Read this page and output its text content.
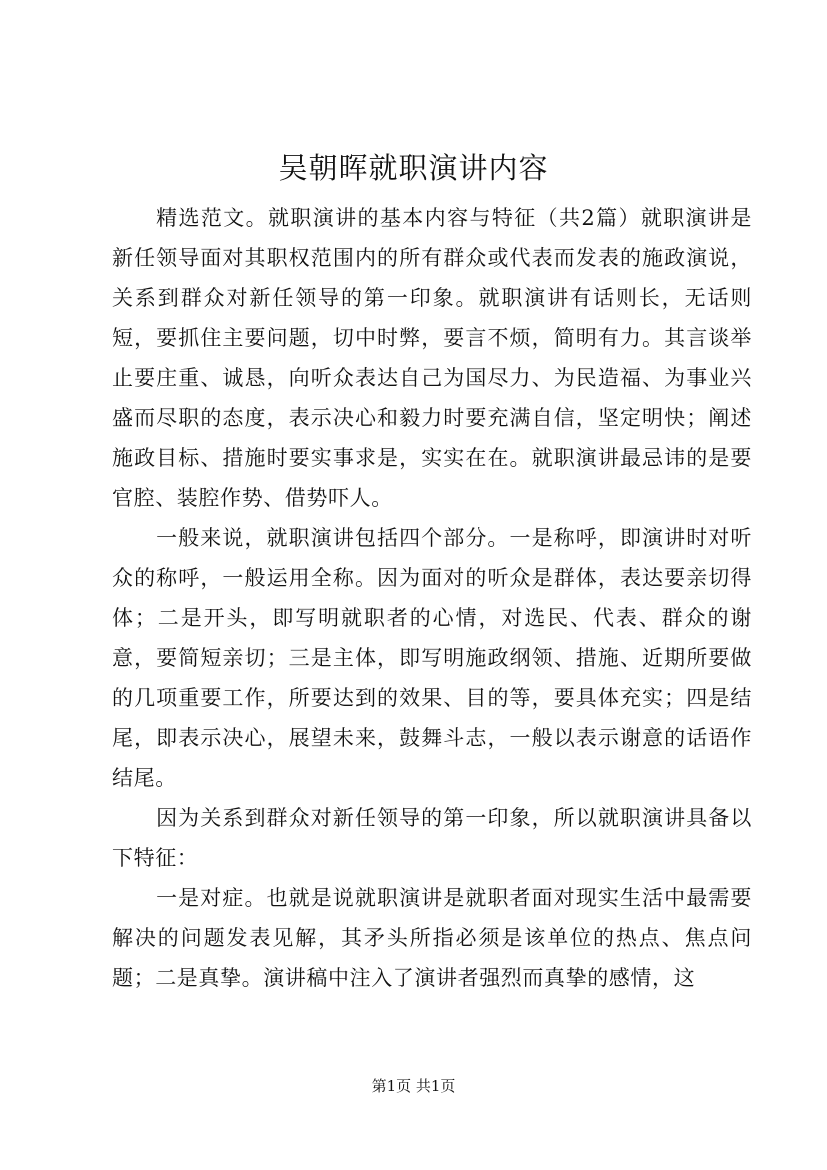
吴朝晖就职演讲内容

精选范文。就职演讲的基本内容与特征（共2篇）就职演讲是新任领导面对其职权范围内的所有群众或代表而发表的施政演说，关系到群众对新任领导的第一印象。就职演讲有话则长，无话则短，要抓住主要问题，切中时弊，要言不烦，简明有力。其言谈举止要庄重、诚恳，向听众表达自己为国尽力、为民造福、为事业兴盛而尽职的态度，表示决心和毅力时要充满自信，坚定明快；阐述施政目标、措施时要实事求是，实实在在。就职演讲最忌讳的是要官腔、装腔作势、借势吓人。

一般来说，就职演讲包括四个部分。一是称呼，即演讲时对听众的称呼，一般运用全称。因为面对的听众是群体，表达要亲切得体；二是开头，即写明就职者的心情，对选民、代表、群众的谢意，要简短亲切；三是主体，即写明施政纲领、措施、近期所要做的几项重要工作，所要达到的效果、目的等，要具体充实；四是结尾，即表示决心，展望未来，鼓舞斗志，一般以表示谢意的话语作结尾。

因为关系到群众对新任领导的第一印象，所以就职演讲具备以下特征：

一是对症。也就是说就职演讲是就职者面对现实生活中最需要解决的问题发表见解，其矛头所指必须是该单位的热点、焦点问题；二是真挚。演讲稿中注入了演讲者强烈而真挚的感情，这

第1页 共1页
